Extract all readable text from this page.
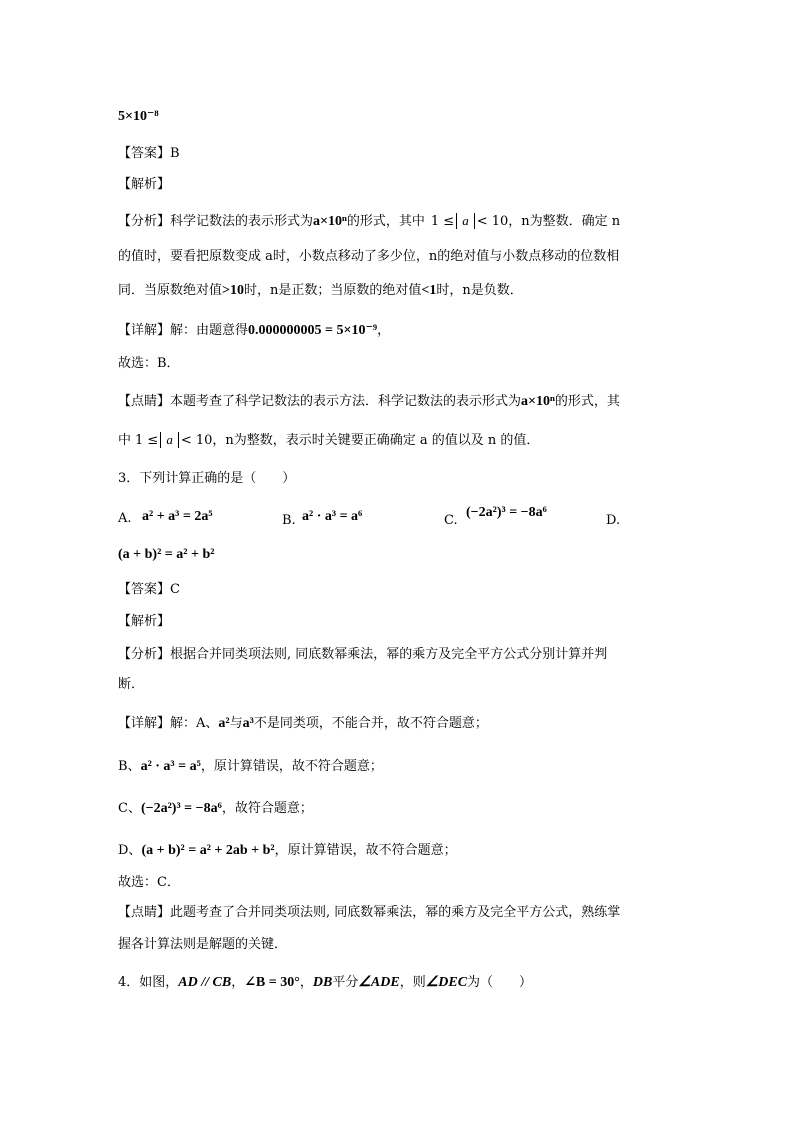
5×10⁻⁸
【答案】B
【解析】
【分析】科学记数法的表示形式为a×10ⁿ的形式，其中 1 ≤ a < 10，n为整数．确定 n
的值时，要看把原数变成 a时，小数点移动了多少位，n的绝对值与小数点移动的位数相
同．当原数绝对值>10时，n是正数；当原数的绝对值<1时，n是负数．
【详解】解：由题意得0.000000005 = 5×10⁻⁹，
故选：B．
【点睛】本题考查了科学记数法的表示方法．科学记数法的表示形式为a×10ⁿ的形式，其
中 1 ≤ a < 10，n为整数，表示时关键要正确确定 a 的值以及 n 的值．
3．下列计算正确的是（　　）
A. a² + a³ = 2a⁵	B. a² · a³ = a⁶	C.
(−2a²)³ = −8a⁶
D.
(a + b)² = a² + b²
【答案】C
【解析】
【分析】根据合并同类项法则, 同底数幂乘法，幂的乘方及完全平方公式分别计算并判
断．
【详解】解：A、a²与a³不是同类项，不能合并，故不符合题意；
B、a² · a³ = a⁵，原计算错误，故不符合题意；
C、(−2a²)³ = −8a⁶，故符合题意；
D、(a + b)² = a² + 2ab + b²，原计算错误，故不符合题意；
故选：C．
【点睛】此题考查了合并同类项法则, 同底数幂乘法，幂的乘方及完全平方公式，熟练掌
握各计算法则是解题的关键．
4．如图，AD // CB，∠B = 30°，DB平分∠ADE，则∠DEC为（　　）
